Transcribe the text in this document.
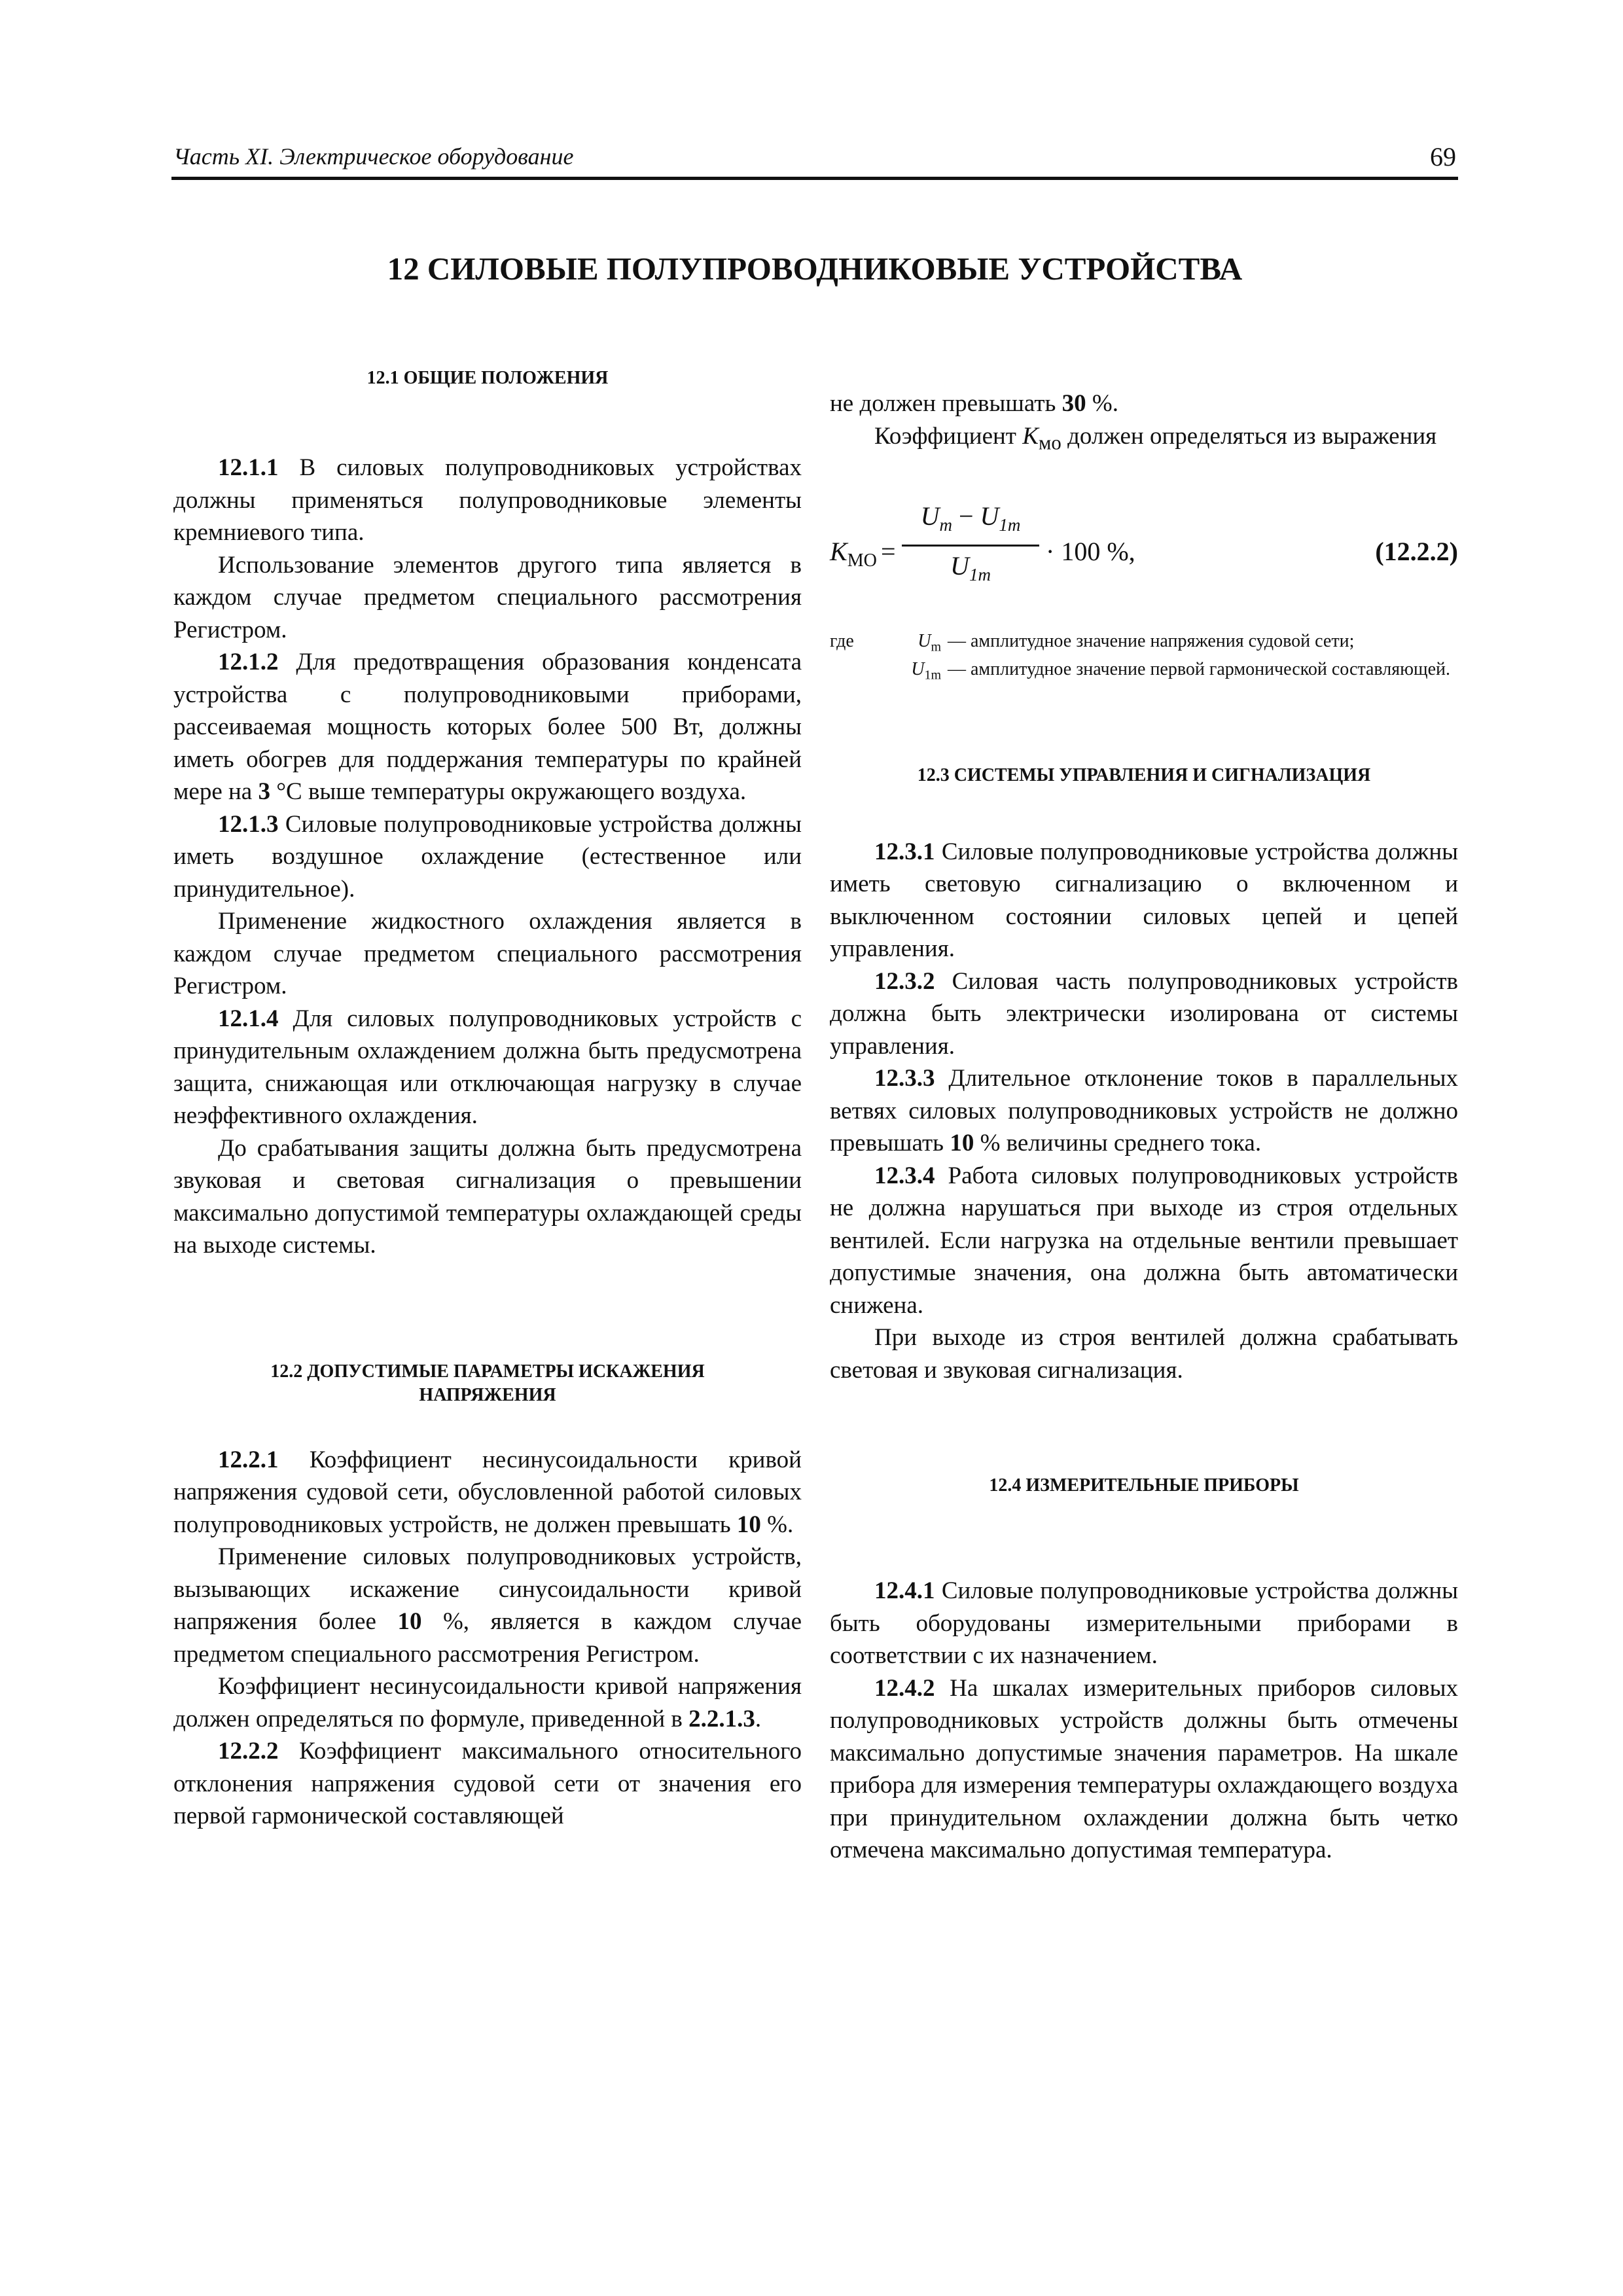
Часть XI. Электрическое оборудование	69
12 СИЛОВЫЕ ПОЛУПРОВОДНИКОВЫЕ УСТРОЙСТВА
12.1 ОБЩИЕ ПОЛОЖЕНИЯ

12.1.1 В силовых полупроводниковых устройствах должны применяться полупроводниковые элементы кремниевого типа.

Использование элементов другого типа является в каждом случае предметом специального рассмотрения Регистром.

12.1.2 Для предотвращения образования конденсата устройства с полупроводниковыми приборами, рассеиваемая мощность которых более 500 Вт, должны иметь обогрев для поддержания температуры по крайней мере на 3 °C выше температуры окружающего воздуха.

12.1.3 Силовые полупроводниковые устройства должны иметь воздушное охлаждение (естественное или принудительное).

Применение жидкостного охлаждения является в каждом случае предметом специального рассмотрения Регистром.

12.1.4 Для силовых полупроводниковых устройств с принудительным охлаждением должна быть предусмотрена защита, снижающая или отключающая нагрузку в случае неэффективного охлаждения.

До срабатывания защиты должна быть предусмотрена звуковая и световая сигнализация о превышении максимально допустимой температуры охлаждающей среды на выходе системы.

12.2 ДОПУСТИМЫЕ ПАРАМЕТРЫ ИСКАЖЕНИЯ
НАПРЯЖЕНИЯ

12.2.1 Коэффициент несинусоидальности кривой напряжения судовой сети, обусловленной работой силовых полупроводниковых устройств, не должен превышать 10 %.

Применение силовых полупроводниковых устройств, вызывающих искажение синусоидальности кривой напряжения более 10 %, является в каждом случае предметом специального рассмотрения Регистром.

Коэффициент несинусоидальности кривой напряжения должен определяться по формуле, приведенной в 2.2.1.3.

12.2.2 Коэффициент максимального относительного отклонения напряжения судовой сети от значения его первой гармонической составляющей

не должен превышать 30 %.

Коэффициент $K_{мо}$ должен определяться из выражения

$K_{МО}$ =
$U_m - U_{1m}$
$U_{1m}$
· 100 %,	(12.2.2)
где	$U_m$ — амплитудное значение напряжения судовой сети;
$U_{1m}$ — амплитудное значение первой гармонической составляющей.
12.3 СИСТЕМЫ УПРАВЛЕНИЯ И СИГНАЛИЗАЦИЯ

12.3.1 Силовые полупроводниковые устройства должны иметь световую сигнализацию о включенном и выключенном состоянии силовых цепей и цепей управления.

12.3.2 Силовая часть полупроводниковых устройств должна быть электрически изолирована от системы управления.

12.3.3 Длительное отклонение токов в параллельных ветвях силовых полупроводниковых устройств не должно превышать 10 % величины среднего тока.

12.3.4 Работа силовых полупроводниковых устройств не должна нарушаться при выходе из строя отдельных вентилей. Если нагрузка на отдельные вентили превышает допустимые значения, она должна быть автоматически снижена.

При выходе из строя вентилей должна срабатывать световая и звуковая сигнализация.

12.4 ИЗМЕРИТЕЛЬНЫЕ ПРИБОРЫ

12.4.1 Силовые полупроводниковые устройства должны быть оборудованы измерительными приборами в соответствии с их назначением.

12.4.2 На шкалах измерительных приборов силовых полупроводниковых устройств должны быть отмечены максимально допустимые значения параметров. На шкале прибора для измерения температуры охлаждающего воздуха при принудительном охлаждении должна быть четко отмечена максимально допустимая температура.
